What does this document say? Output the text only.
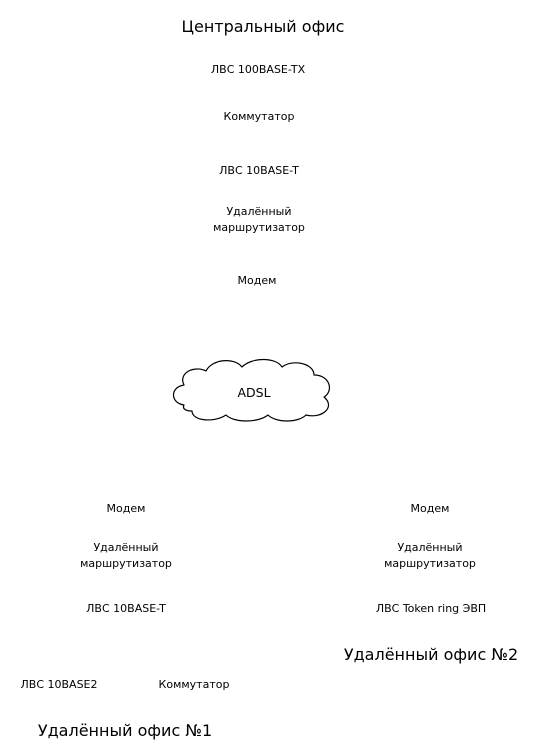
Центральный офис
ЛВС 100BASE-TX
Коммутатор
ЛВС 10BASE-T
Удалённый маршрутизатор
Модем
ADSL
Модем
Удалённый маршрутизатор
ЛВС 10BASE-T
ЛВС 10BASE2	Коммутатор
Удалённый офис №1
Модем
Удалённый маршрутизатор
ЛВС Token ring ЭВП
Удалённый офис №2
